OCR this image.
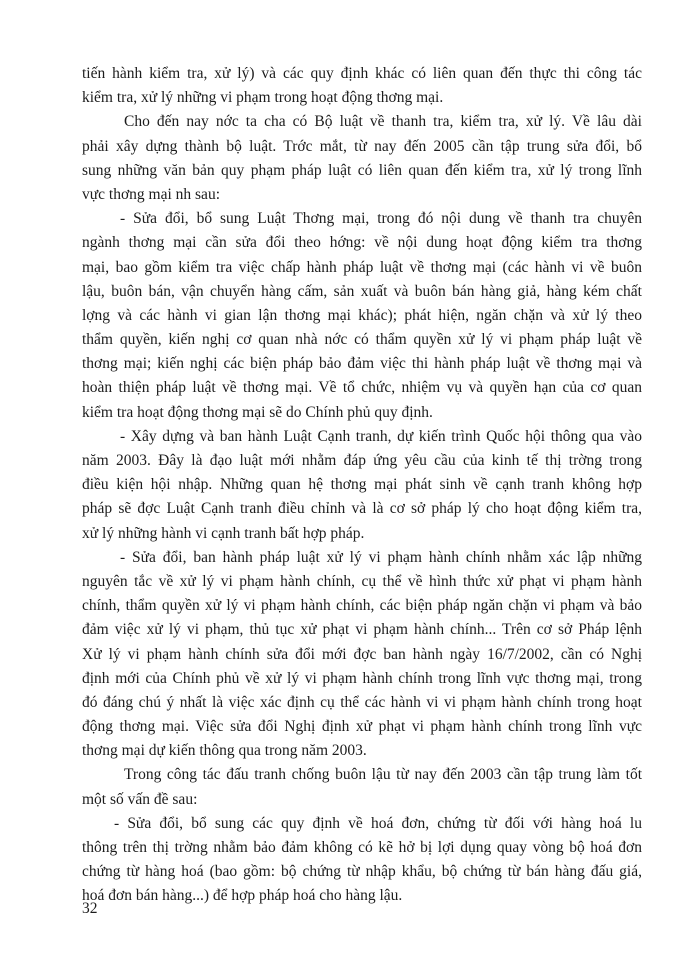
tiến hành kiểm tra, xử lý) và các quy định khác có liên quan đến thực thi công tác
kiểm tra, xử lý những vi phạm trong hoạt động thơng mại.
Cho đến nay nớc ta cha có Bộ luật về thanh tra, kiểm tra, xử lý. Về lâu dài
phải xây dựng thành bộ luật. Trớc mắt, từ nay đến 2005 cần tập trung sửa đổi, bổ
sung những văn bản quy phạm pháp luật có liên quan đến kiểm tra, xử lý trong lĩnh
vực thơng mại nh sau:
- Sửa đổi, bổ sung Luật Thơng mại, trong đó nội dung về thanh tra chuyên
ngành thơng mại cần sửa đổi theo hớng: về nội dung hoạt động kiểm tra thơng
mại, bao gồm kiểm tra việc chấp hành pháp luật về thơng mại (các hành vi về buôn
lậu, buôn bán, vận chuyển hàng cấm, sản xuất và buôn bán hàng giả, hàng kém chất
lợng và các hành vi gian lận thơng mại khác); phát hiện, ngăn chặn và xử lý theo
thẩm quyền, kiến nghị cơ quan nhà nớc có thẩm quyền xử lý vi phạm pháp luật về
thơng mại; kiến nghị các biện pháp bảo đảm việc thi hành pháp luật về thơng mại và
hoàn thiện pháp luật về thơng mại. Về tổ chức, nhiệm vụ và quyền hạn của cơ quan
kiểm tra hoạt động thơng mại sẽ do Chính phủ quy định.
- Xây dựng và ban hành Luật Cạnh tranh, dự kiến trình Quốc hội thông qua vào
năm 2003. Đây là đạo luật mới nhằm đáp ứng yêu cầu của kinh tế thị trờng trong
điều kiện hội nhập. Những quan hệ thơng mại phát sinh về cạnh tranh không hợp
pháp sẽ đợc Luật Cạnh tranh điều chỉnh và là cơ sở pháp lý cho hoạt động kiểm tra,
xử lý những hành vi cạnh tranh bất hợp pháp.
- Sửa đổi, ban hành pháp luật xử lý vi phạm hành chính nhằm xác lập những
nguyên tắc về xử lý vi phạm hành chính, cụ thể về hình thức xử phạt vi phạm hành
chính, thẩm quyền xử lý vi phạm hành chính, các biện pháp ngăn chặn vi phạm và bảo
đảm việc xử lý vi phạm, thủ tục xử phạt vi phạm hành chính... Trên cơ sở Pháp lệnh
Xử lý vi phạm hành chính sửa đổi mới đợc ban hành ngày 16/7/2002, cần có Nghị
định mới của Chính phủ về xử lý vi phạm hành chính trong lĩnh vực thơng mại, trong
đó đáng chú ý nhất là việc xác định cụ thể các hành vi vi phạm hành chính trong hoạt
động thơng mại. Việc sửa đổi Nghị định xử phạt vi phạm hành chính trong lĩnh vực
thơng mại dự kiến thông qua trong năm 2003.
Trong công tác đấu tranh chống buôn lậu từ nay đến 2003 cần tập trung làm tốt
một số vấn đề sau:
- Sửa đổi, bổ sung các quy định về hoá đơn, chứng từ đối với hàng hoá lu
thông trên thị trờng nhằm bảo đảm không có kẽ hở bị lợi dụng quay vòng bộ hoá đơn
chứng từ hàng hoá (bao gồm: bộ chứng từ nhập khẩu, bộ chứng từ bán hàng đấu giá,
hoá đơn bán hàng...) để hợp pháp hoá cho hàng lậu.
32
